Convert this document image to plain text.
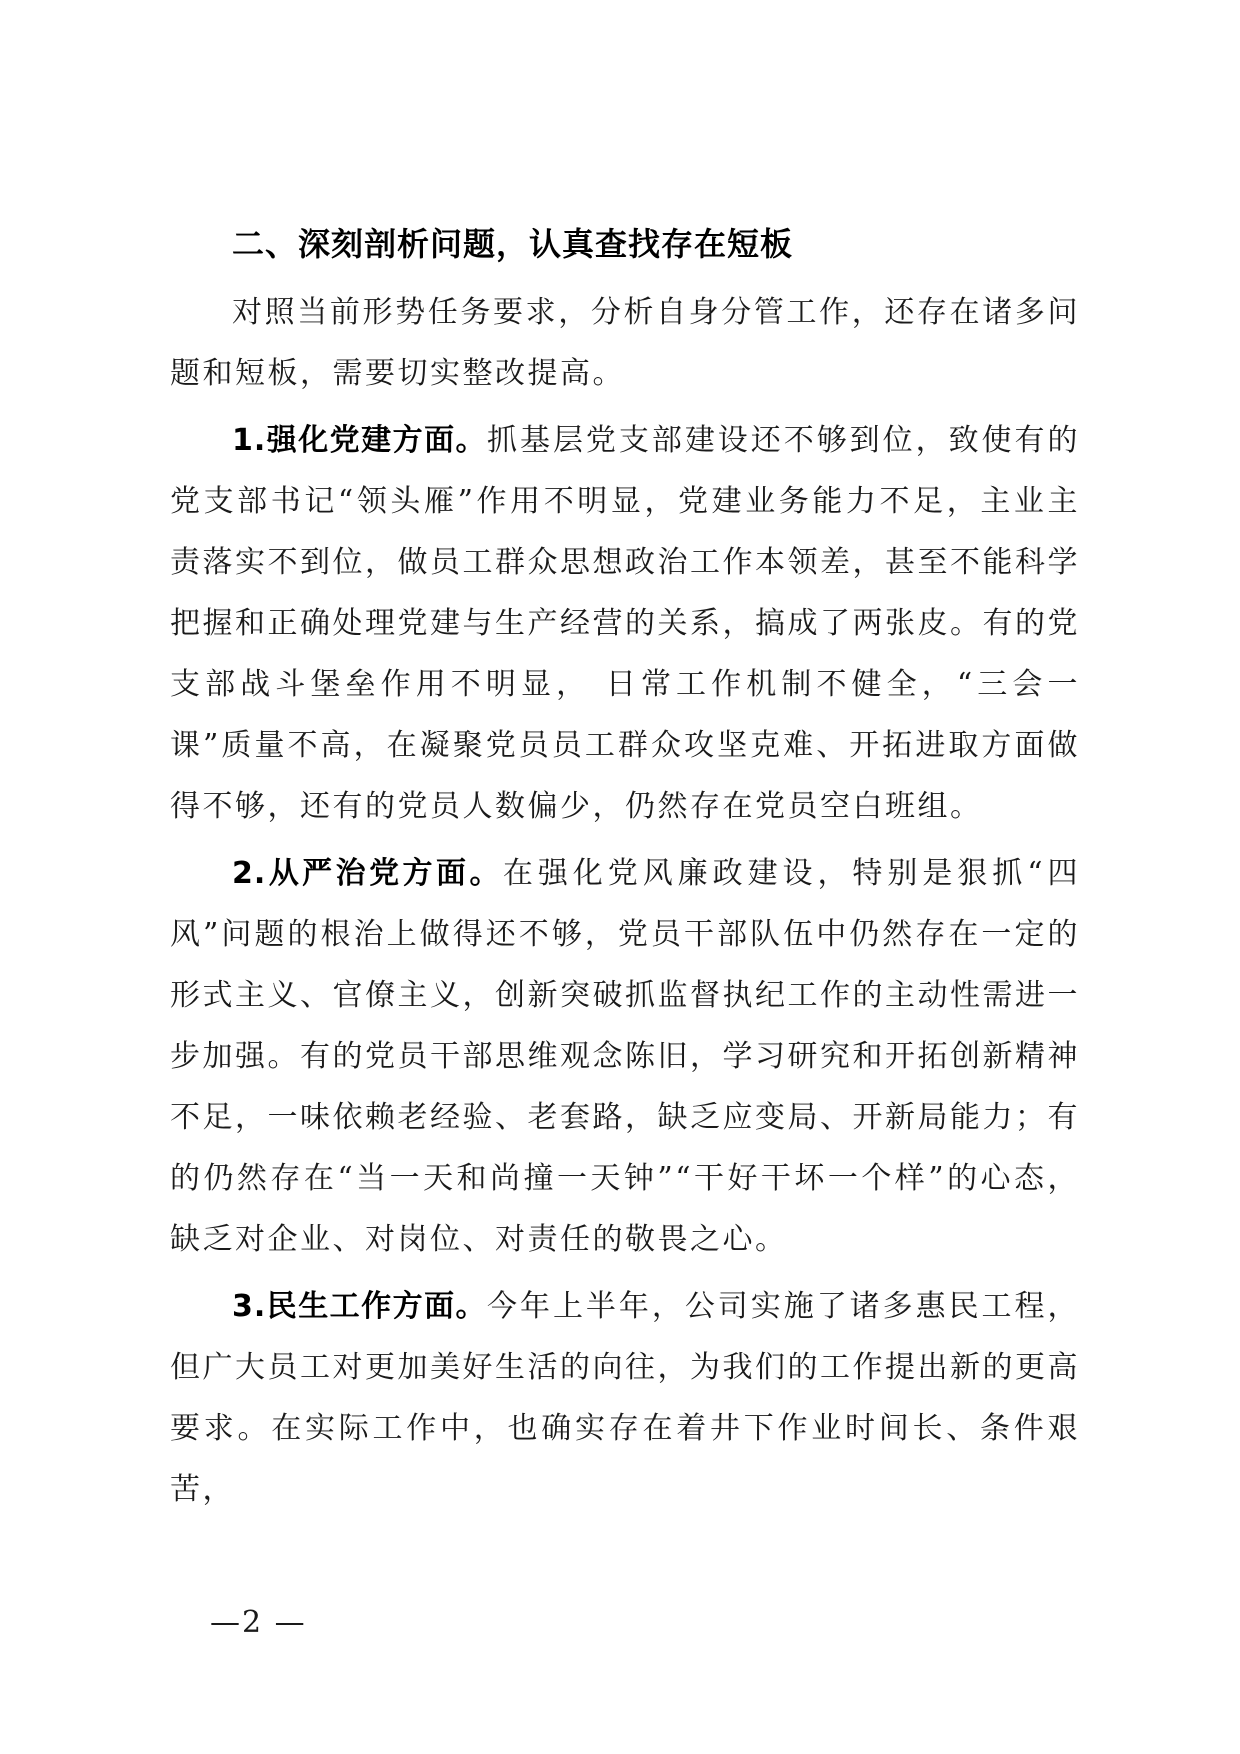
二、深刻剖析问题，认真查找存在短板

对照当前形势任务要求，分析自身分管工作，还存在诸多问题和短板，需要切实整改提高。

1.强化党建方面。抓基层党支部建设还不够到位，致使有的党支部书记“领头雁”作用不明显，党建业务能力不足，主业主责落实不到位，做员工群众思想政治工作本领差，甚至不能科学把握和正确处理党建与生产经营的关系，搞成了两张皮。有的党支部战斗堡垒作用不明显， 日常工作机制不健全，“三会一课”质量不高，在凝聚党员员工群众攻坚克难、开拓进取方面做得不够，还有的党员人数偏少，仍然存在党员空白班组。

2.从严治党方面。在强化党风廉政建设，特别是狠抓“四风”问题的根治上做得还不够，党员干部队伍中仍然存在一定的形式主义、官僚主义，创新突破抓监督执纪工作的主动性需进一步加强。有的党员干部思维观念陈旧，学习研究和开拓创新精神不足，一味依赖老经验、老套路，缺乏应变局、开新局能力；有的仍然存在“当一天和尚撞一天钟”“干好干坏一个样”的心态，缺乏对企业、对岗位、对责任的敬畏之心。

3.民生工作方面。今年上半年，公司实施了诸多惠民工程，但广大员工对更加美好生活的向往，为我们的工作提出新的更高要求。在实际工作中，也确实存在着井下作业时间长、条件艰苦，

—2 —
